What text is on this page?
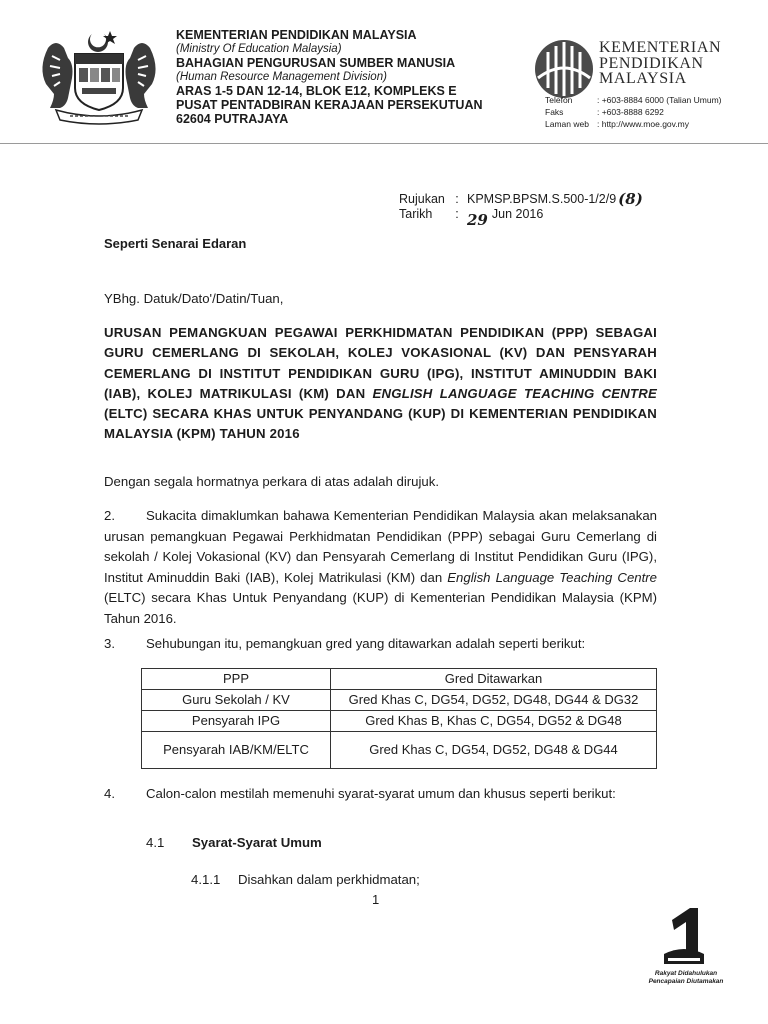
KEMENTERIAN PENDIDIKAN MALAYSIA
(Ministry Of Education Malaysia)
BAHAGIAN PENGURUSAN SUMBER MANUSIA
(Human Resource Management Division)
ARAS 1-5 DAN 12-14, BLOK E12, KOMPLEKS E
PUSAT PENTADBIRAN KERAJAAN PERSEKUTUAN
62604 PUTRAJAYA
KEMENTERIAN
PENDIDIKAN
MALAYSIA
Telefon	: +603-8884 6000 (Talian Umum)
Faks	: +603-8888 6292
Laman web : http://www.moe.gov.my
Rujukan : KPMSP.BPSM.S.500-1/2/9 (8)
Tarikh	: 29 Jun 2016
Seperti Senarai Edaran
YBhg. Datuk/Dato'/Datin/Tuan,
URUSAN PEMANGKUAN PEGAWAI PERKHIDMATAN PENDIDIKAN (PPP) SEBAGAI GURU CEMERLANG DI SEKOLAH, KOLEJ VOKASIONAL (KV) DAN PENSYARAH CEMERLANG DI INSTITUT PENDIDIKAN GURU (IPG), INSTITUT AMINUDDIN BAKI (IAB), KOLEJ MATRIKULASI (KM) DAN ENGLISH LANGUAGE TEACHING CENTRE (ELTC) SECARA KHAS UNTUK PENYANDANG (KUP) DI KEMENTERIAN PENDIDIKAN MALAYSIA (KPM) TAHUN 2016
Dengan segala hormatnya perkara di atas adalah dirujuk.
2. Sukacita dimaklumkan bahawa Kementerian Pendidikan Malaysia akan melaksanakan urusan pemangkuan Pegawai Perkhidmatan Pendidikan (PPP) sebagai Guru Cemerlang di sekolah / Kolej Vokasional (KV) dan Pensyarah Cemerlang di Institut Pendidikan Guru (IPG), Institut Aminuddin Baki (IAB), Kolej Matrikulasi (KM) dan English Language Teaching Centre (ELTC) secara Khas Untuk Penyandang (KUP) di Kementerian Pendidikan Malaysia (KPM) Tahun 2016.
3. Sehubungan itu, pemangkuan gred yang ditawarkan adalah seperti berikut:
PPP	Gred Ditawarkan
Guru Sekolah / KV	Gred Khas C, DG54, DG52, DG48, DG44 & DG32
Pensyarah IPG	Gred Khas B, Khas C, DG54, DG52 & DG48
Pensyarah IAB/KM/ELTC	Gred Khas C, DG54, DG52, DG48 & DG44
4. Calon-calon mestilah memenuhi syarat-syarat umum dan khusus seperti berikut:
4.1 Syarat-Syarat Umum
4.1.1 Disahkan dalam perkhidmatan;
1
Rakyat Didahulukan
Pencapaian Diutamakan
